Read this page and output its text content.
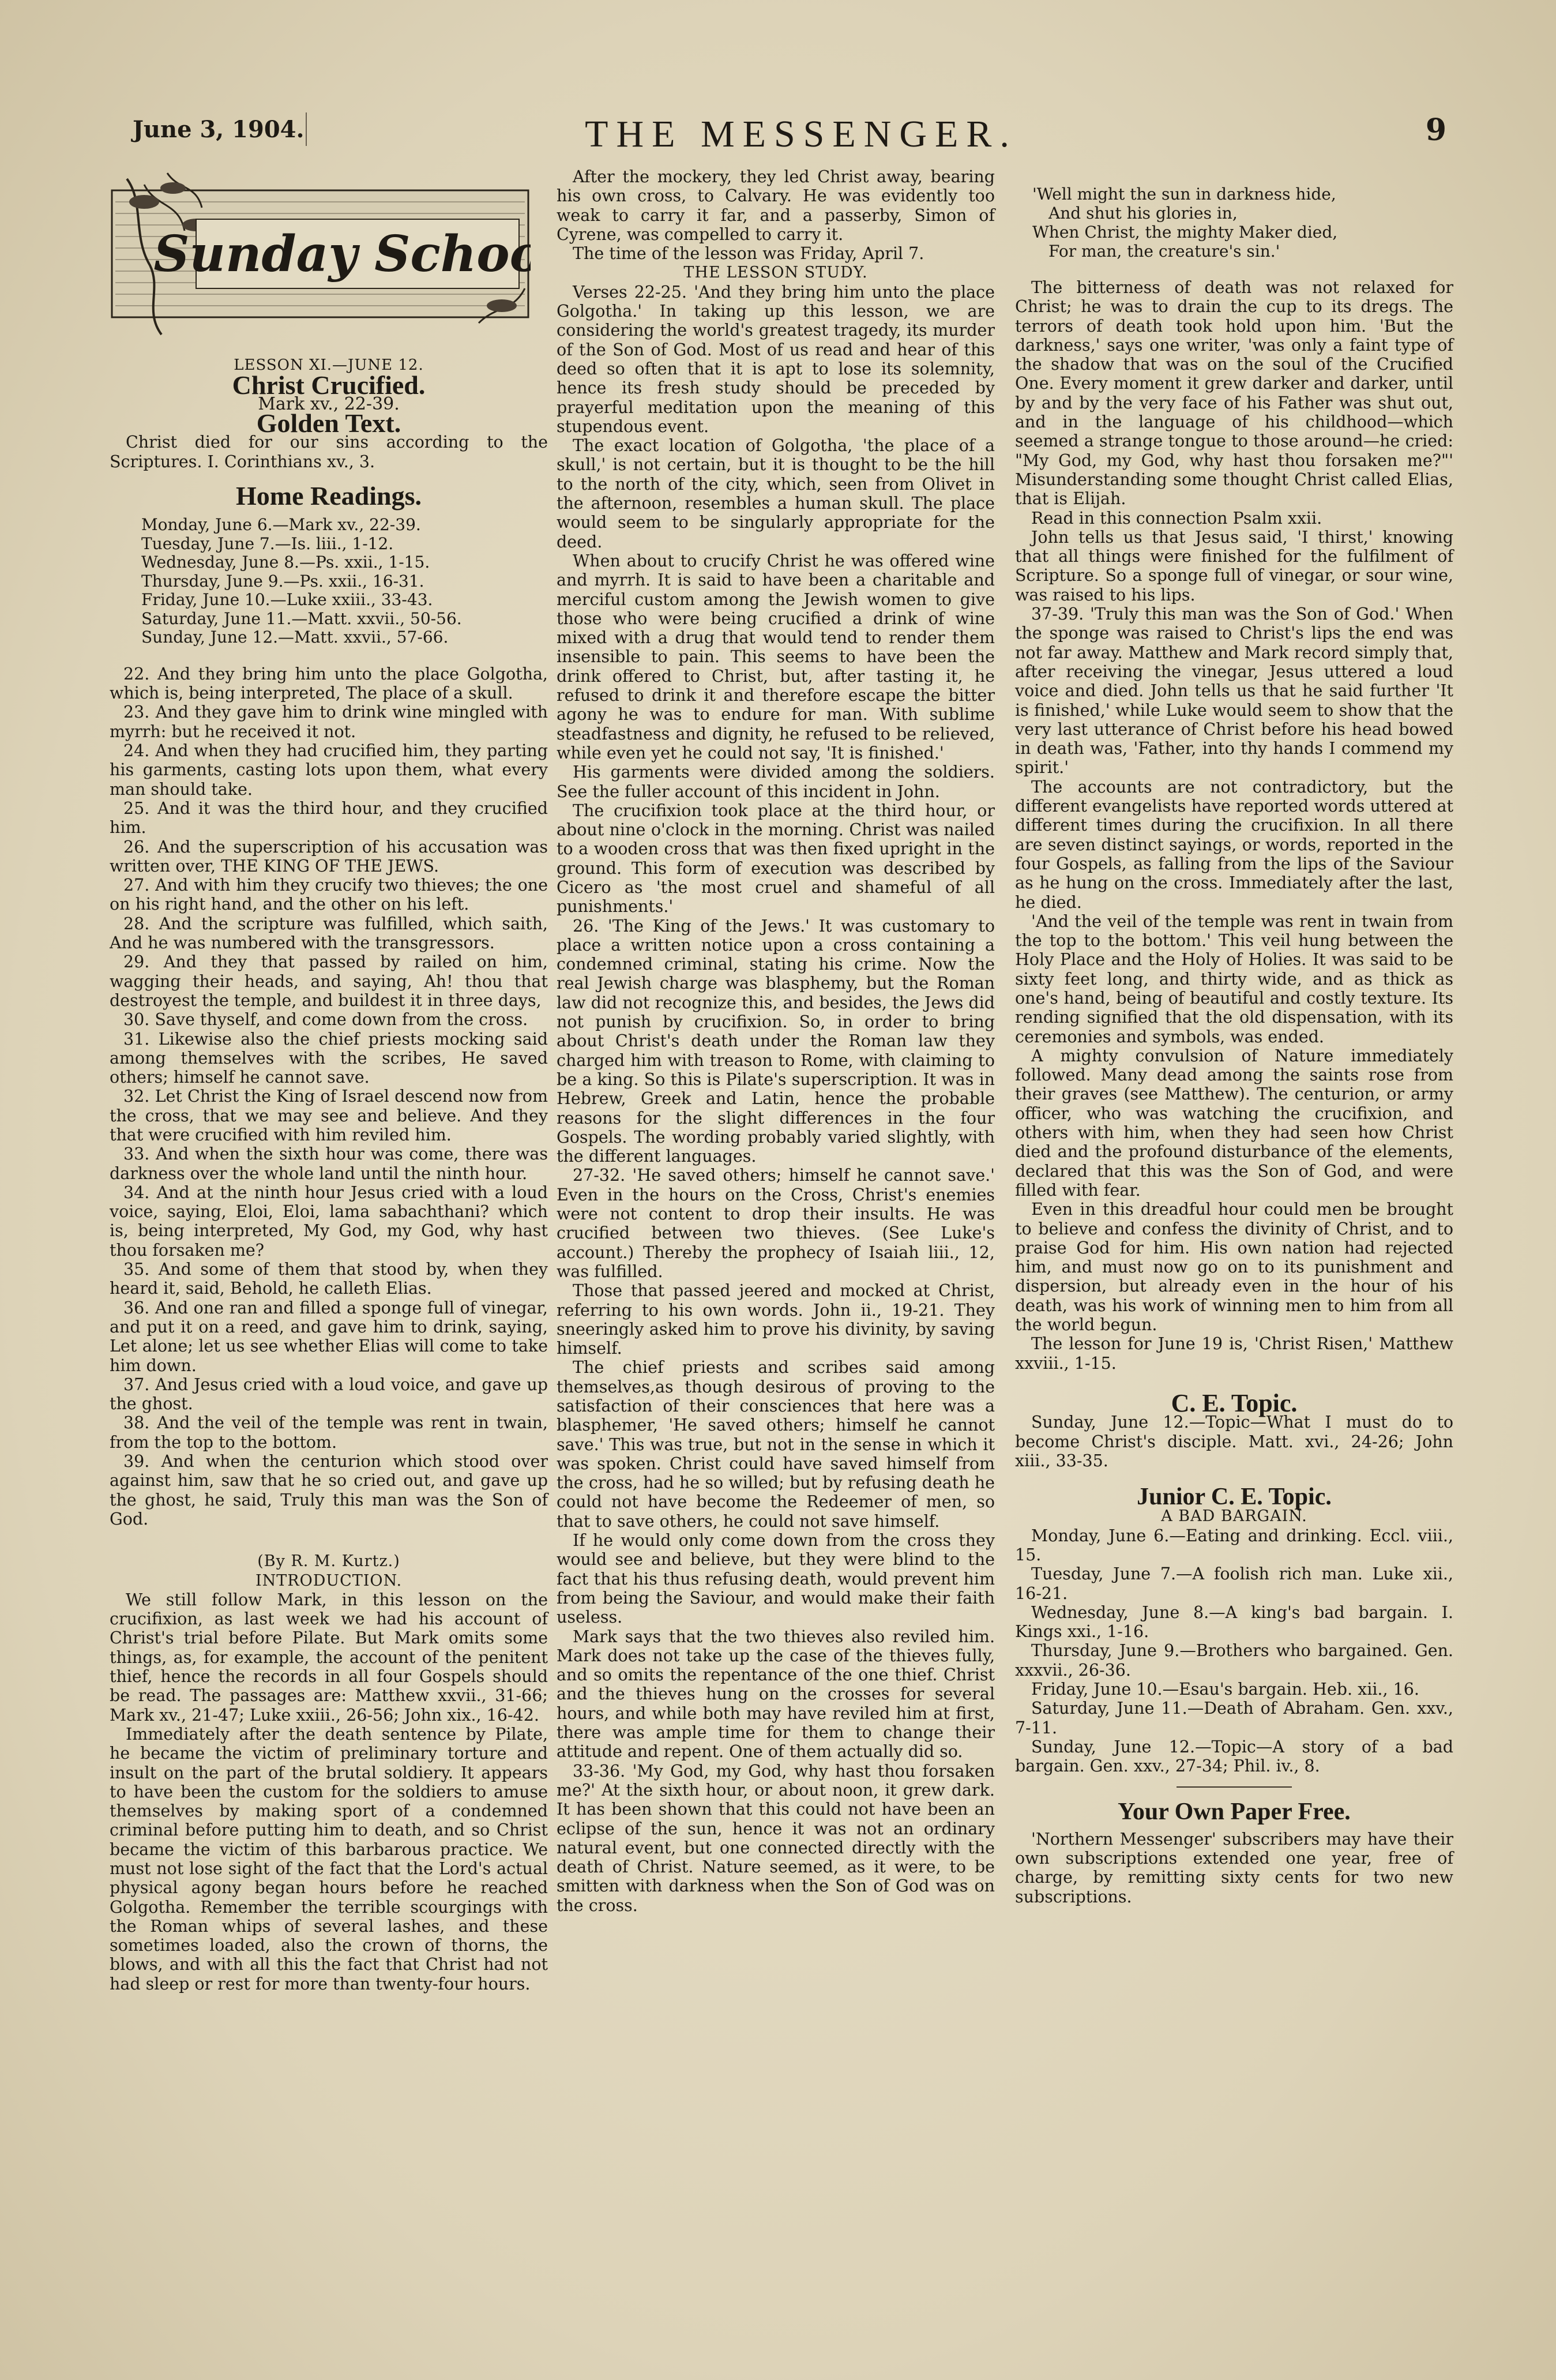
June 3, 1904.	THE MESSENGER.	9
Sunday School

LESSON XI.—JUNE 12.

Christ Crucified.

Mark xv., 22-39.

Golden Text.

Christ died for our sins according to the Scriptures. I. Corinthians xv., 3.

Home Readings.

Monday, June 6.—Mark xv., 22-39.
Tuesday, June 7.—Is. liii., 1-12.
Wednesday, June 8.—Ps. xxii., 1-15.
Thursday, June 9.—Ps. xxii., 16-31.
Friday, June 10.—Luke xxiii., 33-43.
Saturday, June 11.—Matt. xxvii., 50-56.
Sunday, June 12.—Matt. xxvii., 57-66.

22. And they bring him unto the place Golgotha, which is, being interpreted, The place of a skull.

23. And they gave him to drink wine mingled with myrrh: but he received it not.

24. And when they had crucified him, they parting his garments, casting lots upon them, what every man should take.

25. And it was the third hour, and they crucified him.

26. And the superscription of his accusation was written over, THE KING OF THE JEWS.

27. And with him they crucify two thieves; the one on his right hand, and the other on his left.

28. And the scripture was fulfilled, which saith, And he was numbered with the transgressors.

29. And they that passed by railed on him, wagging their heads, and saying, Ah! thou that destroyest the temple, and buildest it in three days,

30. Save thyself, and come down from the cross.

31. Likewise also the chief priests mocking said among themselves with the scribes, He saved others; himself he cannot save.

32. Let Christ the King of Israel descend now from the cross, that we may see and believe. And they that were crucified with him reviled him.

33. And when the sixth hour was come, there was darkness over the whole land until the ninth hour.

34. And at the ninth hour Jesus cried with a loud voice, saying, Eloi, Eloi, lama sabachthani? which is, being interpreted, My God, my God, why hast thou forsaken me?

35. And some of them that stood by, when they heard it, said, Behold, he calleth Elias.

36. And one ran and filled a sponge full of vinegar, and put it on a reed, and gave him to drink, saying, Let alone; let us see whether Elias will come to take him down.

37. And Jesus cried with a loud voice, and gave up the ghost.

38. And the veil of the temple was rent in twain, from the top to the bottom.

39. And when the centurion which stood over against him, saw that he so cried out, and gave up the ghost, he said, Truly this man was the Son of God.

(By R. M. Kurtz.)

INTRODUCTION.

We still follow Mark, in this lesson on the crucifixion, as last week we had his account of Christ's trial before Pilate. But Mark omits some things, as, for example, the account of the penitent thief, hence the records in all four Gospels should be read. The passages are: Matthew xxvii., 31-66; Mark xv., 21-47; Luke xxiii., 26-56; John xix., 16-42.

Immediately after the death sentence by Pilate, he became the victim of preliminary torture and insult on the part of the brutal soldiery. It appears to have been the custom for the soldiers to amuse themselves by making sport of a condemned criminal before putting him to death, and so Christ became the victim of this barbarous practice. We must not lose sight of the fact that the Lord's actual physical agony began hours before he reached Golgotha. Remember the terrible scourgings with the Roman whips of several lashes, and these sometimes loaded, also the crown of thorns, the blows, and with all this the fact that Christ had not had sleep or rest for more than twenty-four hours.

After the mockery, they led Christ away, bearing his own cross, to Calvary. He was evidently too weak to carry it far, and a passerby, Simon of Cyrene, was compelled to carry it.

The time of the lesson was Friday, April 7.

THE LESSON STUDY.

Verses 22-25. 'And they bring him unto the place Golgotha.' In taking up this lesson, we are considering the world's greatest tragedy, its murder of the Son of God. Most of us read and hear of this deed so often that it is apt to lose its solemnity, hence its fresh study should be preceded by prayerful meditation upon the meaning of this stupendous event.

The exact location of Golgotha, 'the place of a skull,' is not certain, but it is thought to be the hill to the north of the city, which, seen from Olivet in the afternoon, resembles a human skull. The place would seem to be singularly appropriate for the deed.

When about to crucify Christ he was offered wine and myrrh. It is said to have been a charitable and merciful custom among the Jewish women to give those who were being crucified a drink of wine mixed with a drug that would tend to render them insensible to pain. This seems to have been the drink offered to Christ, but, after tasting it, he refused to drink it and therefore escape the bitter agony he was to endure for man. With sublime steadfastness and dignity, he refused to be relieved, while even yet he could not say, 'It is finished.'

His garments were divided among the soldiers. See the fuller account of this incident in John.

The crucifixion took place at the third hour, or about nine o'clock in the morning. Christ was nailed to a wooden cross that was then fixed upright in the ground. This form of execution was described by Cicero as 'the most cruel and shameful of all punishments.'

26. 'The King of the Jews.' It was customary to place a written notice upon a cross containing a condemned criminal, stating his crime. Now the real Jewish charge was blasphemy, but the Roman law did not recognize this, and besides, the Jews did not punish by crucifixion. So, in order to bring about Christ's death under the Roman law they charged him with treason to Rome, with claiming to be a king. So this is Pilate's superscription. It was in Hebrew, Greek and Latin, hence the probable reasons for the slight differences in the four Gospels. The wording probably varied slightly, with the different languages.

27-32. 'He saved others; himself he cannot save.' Even in the hours on the Cross, Christ's enemies were not content to drop their insults. He was crucified between two thieves. (See Luke's account.) Thereby the prophecy of Isaiah liii., 12, was fulfilled.

Those that passed jeered and mocked at Christ, referring to his own words. John ii., 19-21. They sneeringly asked him to prove his divinity, by saving himself.

The chief priests and scribes said among themselves,as though desirous of proving to the satisfaction of their consciences that here was a blasphemer, 'He saved others; himself he cannot save.' This was true, but not in the sense in which it was spoken. Christ could have saved himself from the cross, had he so willed; but by refusing death he could not have become the Redeemer of men, so that to save others, he could not save himself.

If he would only come down from the cross they would see and believe, but they were blind to the fact that his thus refusing death, would prevent him from being the Saviour, and would make their faith useless.

Mark says that the two thieves also reviled him. Mark does not take up the case of the thieves fully, and so omits the repentance of the one thief. Christ and the thieves hung on the crosses for several hours, and while both may have reviled him at first, there was ample time for them to change their attitude and repent. One of them actually did so.

33-36. 'My God, my God, why hast thou forsaken me?' At the sixth hour, or about noon, it grew dark. It has been shown that this could not have been an eclipse of the sun, hence it was not an ordinary natural event, but one connected directly with the death of Christ. Nature seemed, as it were, to be smitten with darkness when the Son of God was on the cross.

'Well might the sun in darkness hide,
And shut his glories in,
When Christ, the mighty Maker died,
For man, the creature's sin.'

The bitterness of death was not relaxed for Christ; he was to drain the cup to its dregs. The terrors of death took hold upon him. 'But the darkness,' says one writer, 'was only a faint type of the shadow that was on the soul of the Crucified One. Every moment it grew darker and darker, until by and by the very face of his Father was shut out, and in the language of his childhood—which seemed a strange tongue to those around—he cried: "My God, my God, why hast thou forsaken me?"' Misunderstanding some thought Christ called Elias, that is Elijah.

Read in this connection Psalm xxii.

John tells us that Jesus said, 'I thirst,' knowing that all things were finished for the fulfilment of Scripture. So a sponge full of vinegar, or sour wine, was raised to his lips.

37-39. 'Truly this man was the Son of God.' When the sponge was raised to Christ's lips the end was not far away. Matthew and Mark record simply that, after receiving the vinegar, Jesus uttered a loud voice and died. John tells us that he said further 'It is finished,' while Luke would seem to show that the very last utterance of Christ before his head bowed in death was, 'Father, into thy hands I commend my spirit.'

The accounts are not contradictory, but the different evangelists have reported words uttered at different times during the crucifixion. In all there are seven distinct sayings, or words, reported in the four Gospels, as falling from the lips of the Saviour as he hung on the cross. Immediately after the last, he died.

'And the veil of the temple was rent in twain from the top to the bottom.' This veil hung between the Holy Place and the Holy of Holies. It was said to be sixty feet long, and thirty wide, and as thick as one's hand, being of beautiful and costly texture. Its rending signified that the old dispensation, with its ceremonies and symbols, was ended.

A mighty convulsion of Nature immediately followed. Many dead among the saints rose from their graves (see Matthew). The centurion, or army officer, who was watching the crucifixion, and others with him, when they had seen how Christ died and the profound disturbance of the elements, declared that this was the Son of God, and were filled with fear.

Even in this dreadful hour could men be brought to believe and confess the divinity of Christ, and to praise God for him. His own nation had rejected him, and must now go on to its punishment and dispersion, but already even in the hour of his death, was his work of winning men to him from all the world begun.

The lesson for June 19 is, 'Christ Risen,' Matthew xxviii., 1-15.

C. E. Topic.

Sunday, June 12.—Topic—What I must do to become Christ's disciple. Matt. xvi., 24-26; John xiii., 33-35.

Junior C. E. Topic.

A BAD BARGAIN.

Monday, June 6.—Eating and drinking. Eccl. viii., 15.

Tuesday, June 7.—A foolish rich man. Luke xii., 16-21.

Wednesday, June 8.—A king's bad bargain. I. Kings xxi., 1-16.

Thursday, June 9.—Brothers who bargained. Gen. xxxvii., 26-36.

Friday, June 10.—Esau's bargain. Heb. xii., 16.

Saturday, June 11.—Death of Abraham. Gen. xxv., 7-11.

Sunday, June 12.—Topic—A story of a bad bargain. Gen. xxv., 27-34; Phil. iv., 8.

Your Own Paper Free.

'Northern Messenger' subscribers may have their own subscriptions extended one year, free of charge, by remitting sixty cents for two new subscriptions.
